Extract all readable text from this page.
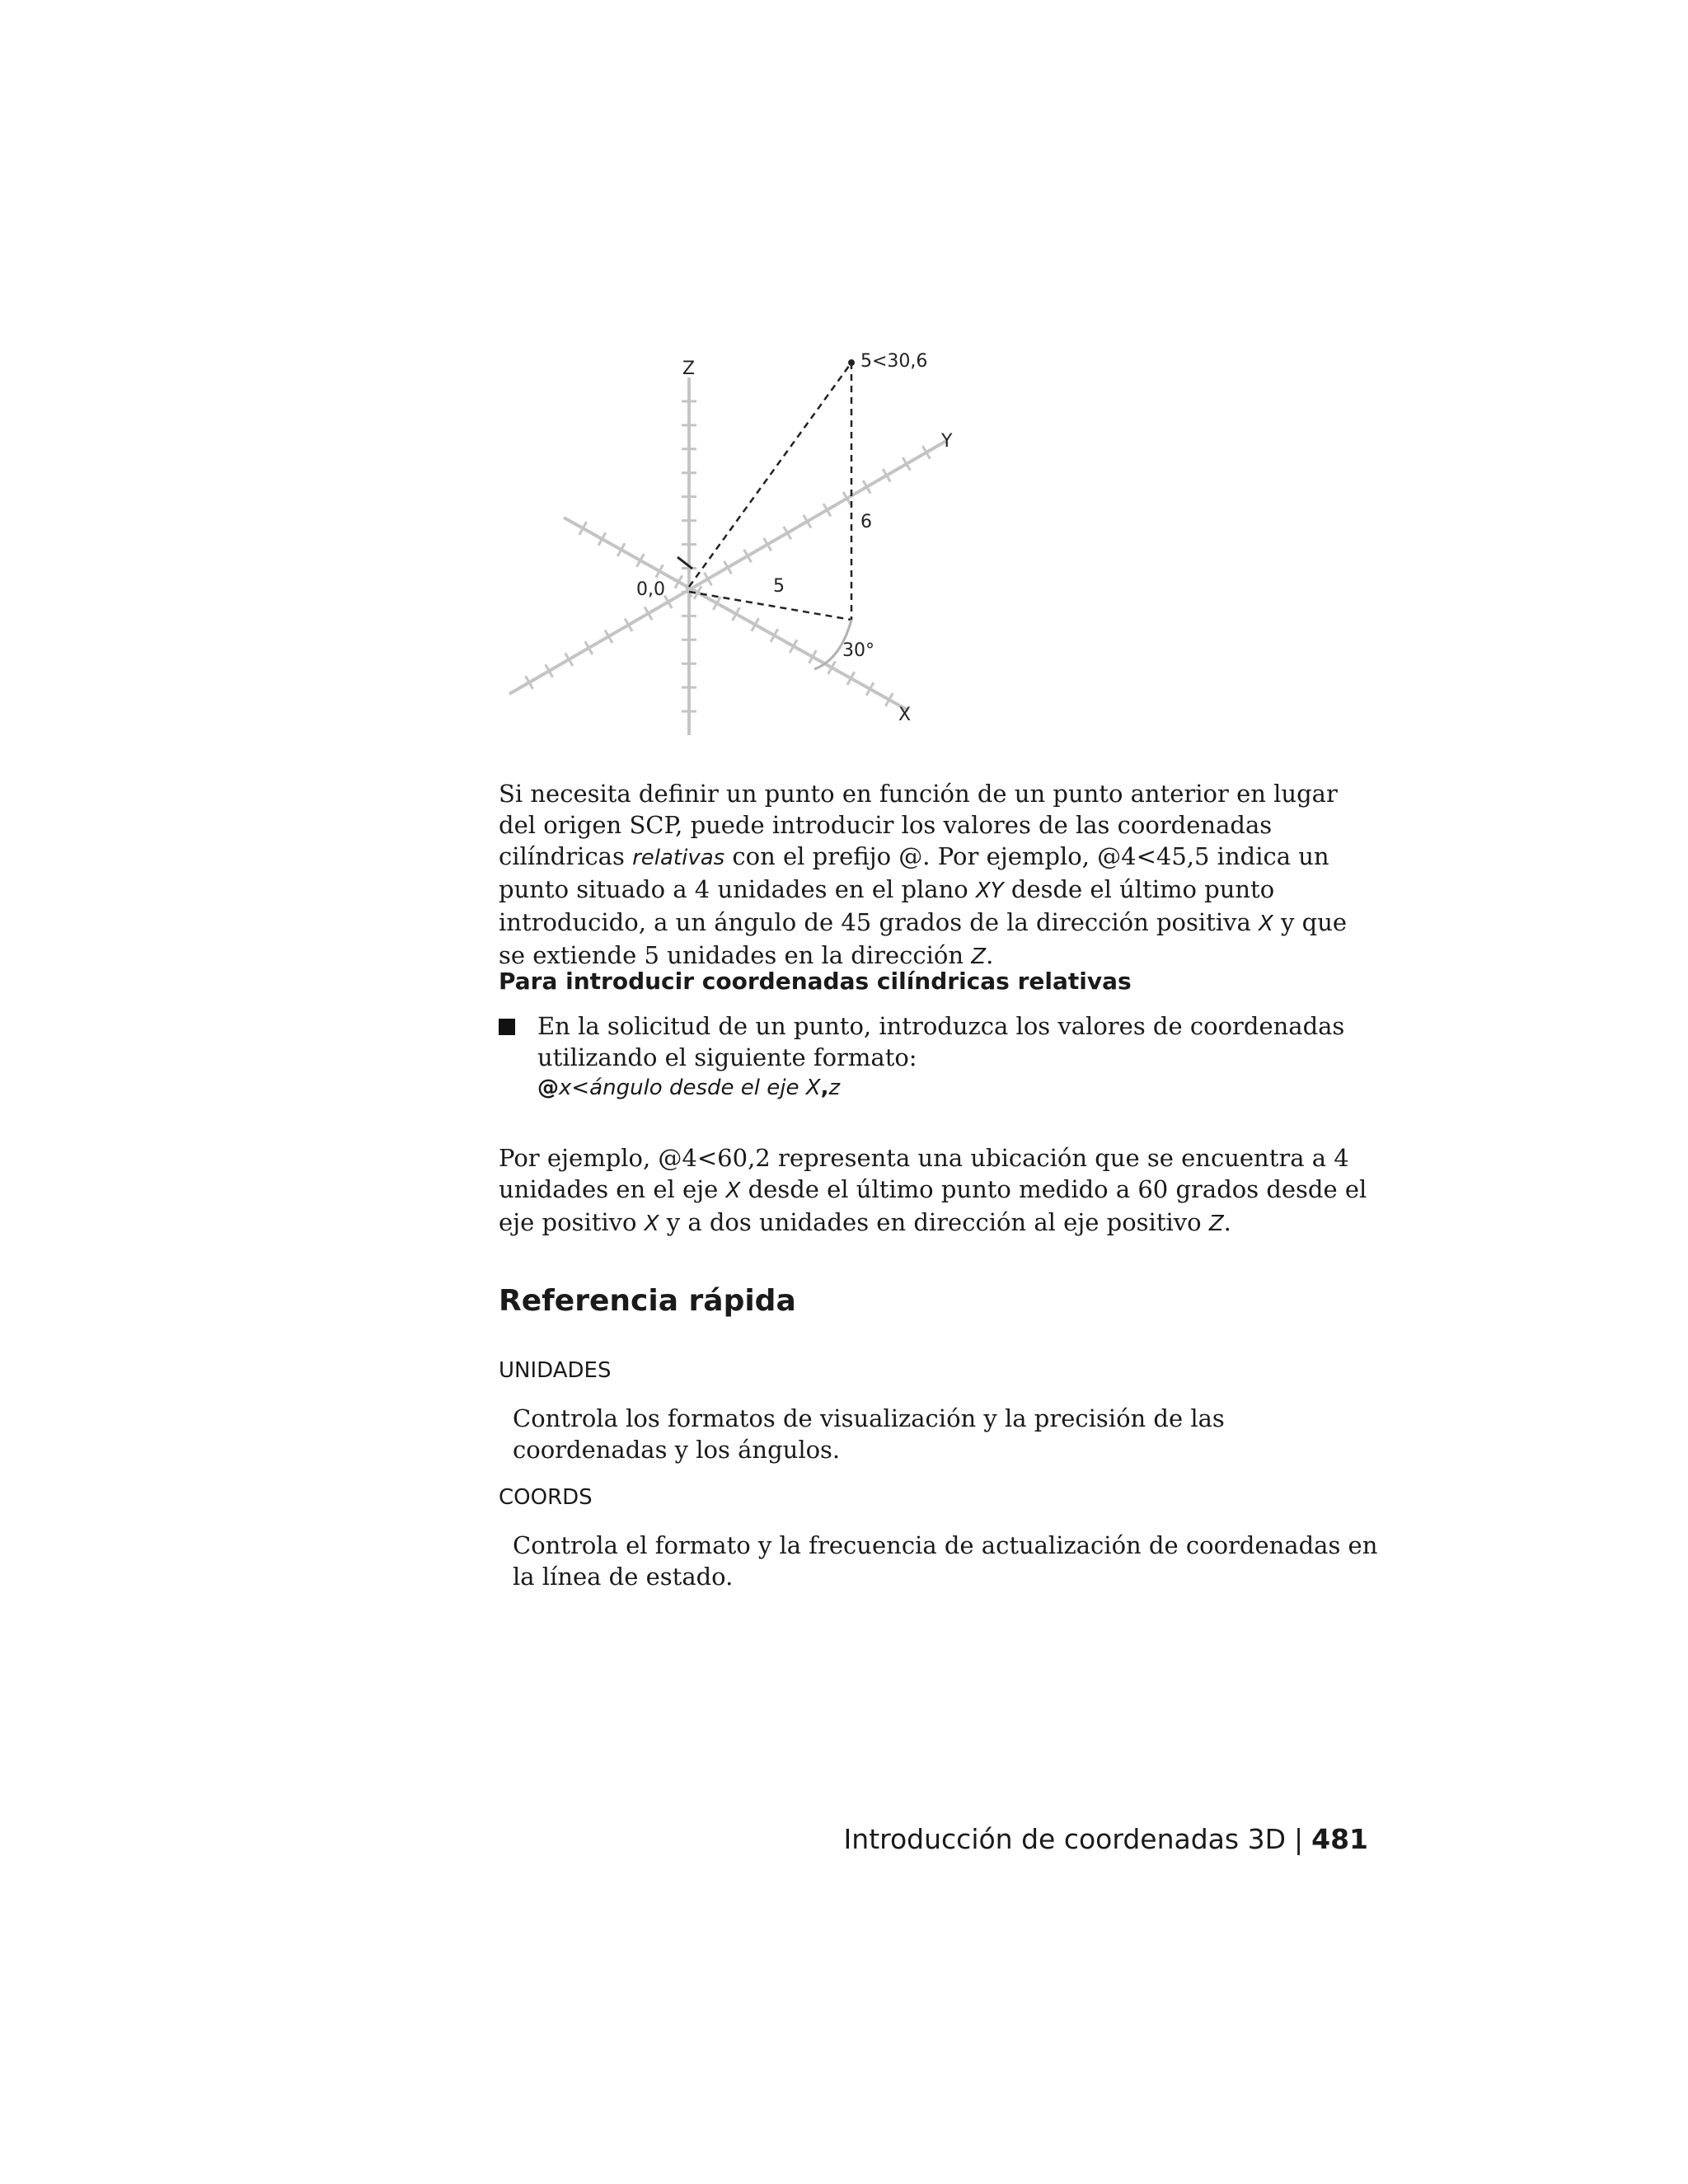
Z	5<30,6
Y
6
0,0	5
30°
X
Si necesita definir un punto en función de un punto anterior en lugar del origen SCP, puede introducir los valores de las coordenadas cilíndricas relativas con el prefijo @. Por ejemplo, @4<45,5 indica un punto situado a 4 unidades en el plano XY desde el último punto introducido, a un ángulo de 45 grados de la dirección positiva X y que se extiende 5 unidades en la dirección Z.
Para introducir coordenadas cilíndricas relativas
En la solicitud de un punto, introduzca los valores de coordenadas utilizando el siguiente formato:
@x<ángulo desde el eje X,z
Por ejemplo, @4<60,2 representa una ubicación que se encuentra a 4 unidades en el eje X desde el último punto medido a 60 grados desde el eje positivo X y a dos unidades en dirección al eje positivo Z.
Referencia rápida
UNIDADES
Controla los formatos de visualización y la precisión de las coordenadas y los ángulos.
COORDS
Controla el formato y la frecuencia de actualización de coordenadas en la línea de estado.
Introducción de coordenadas 3D | 481
